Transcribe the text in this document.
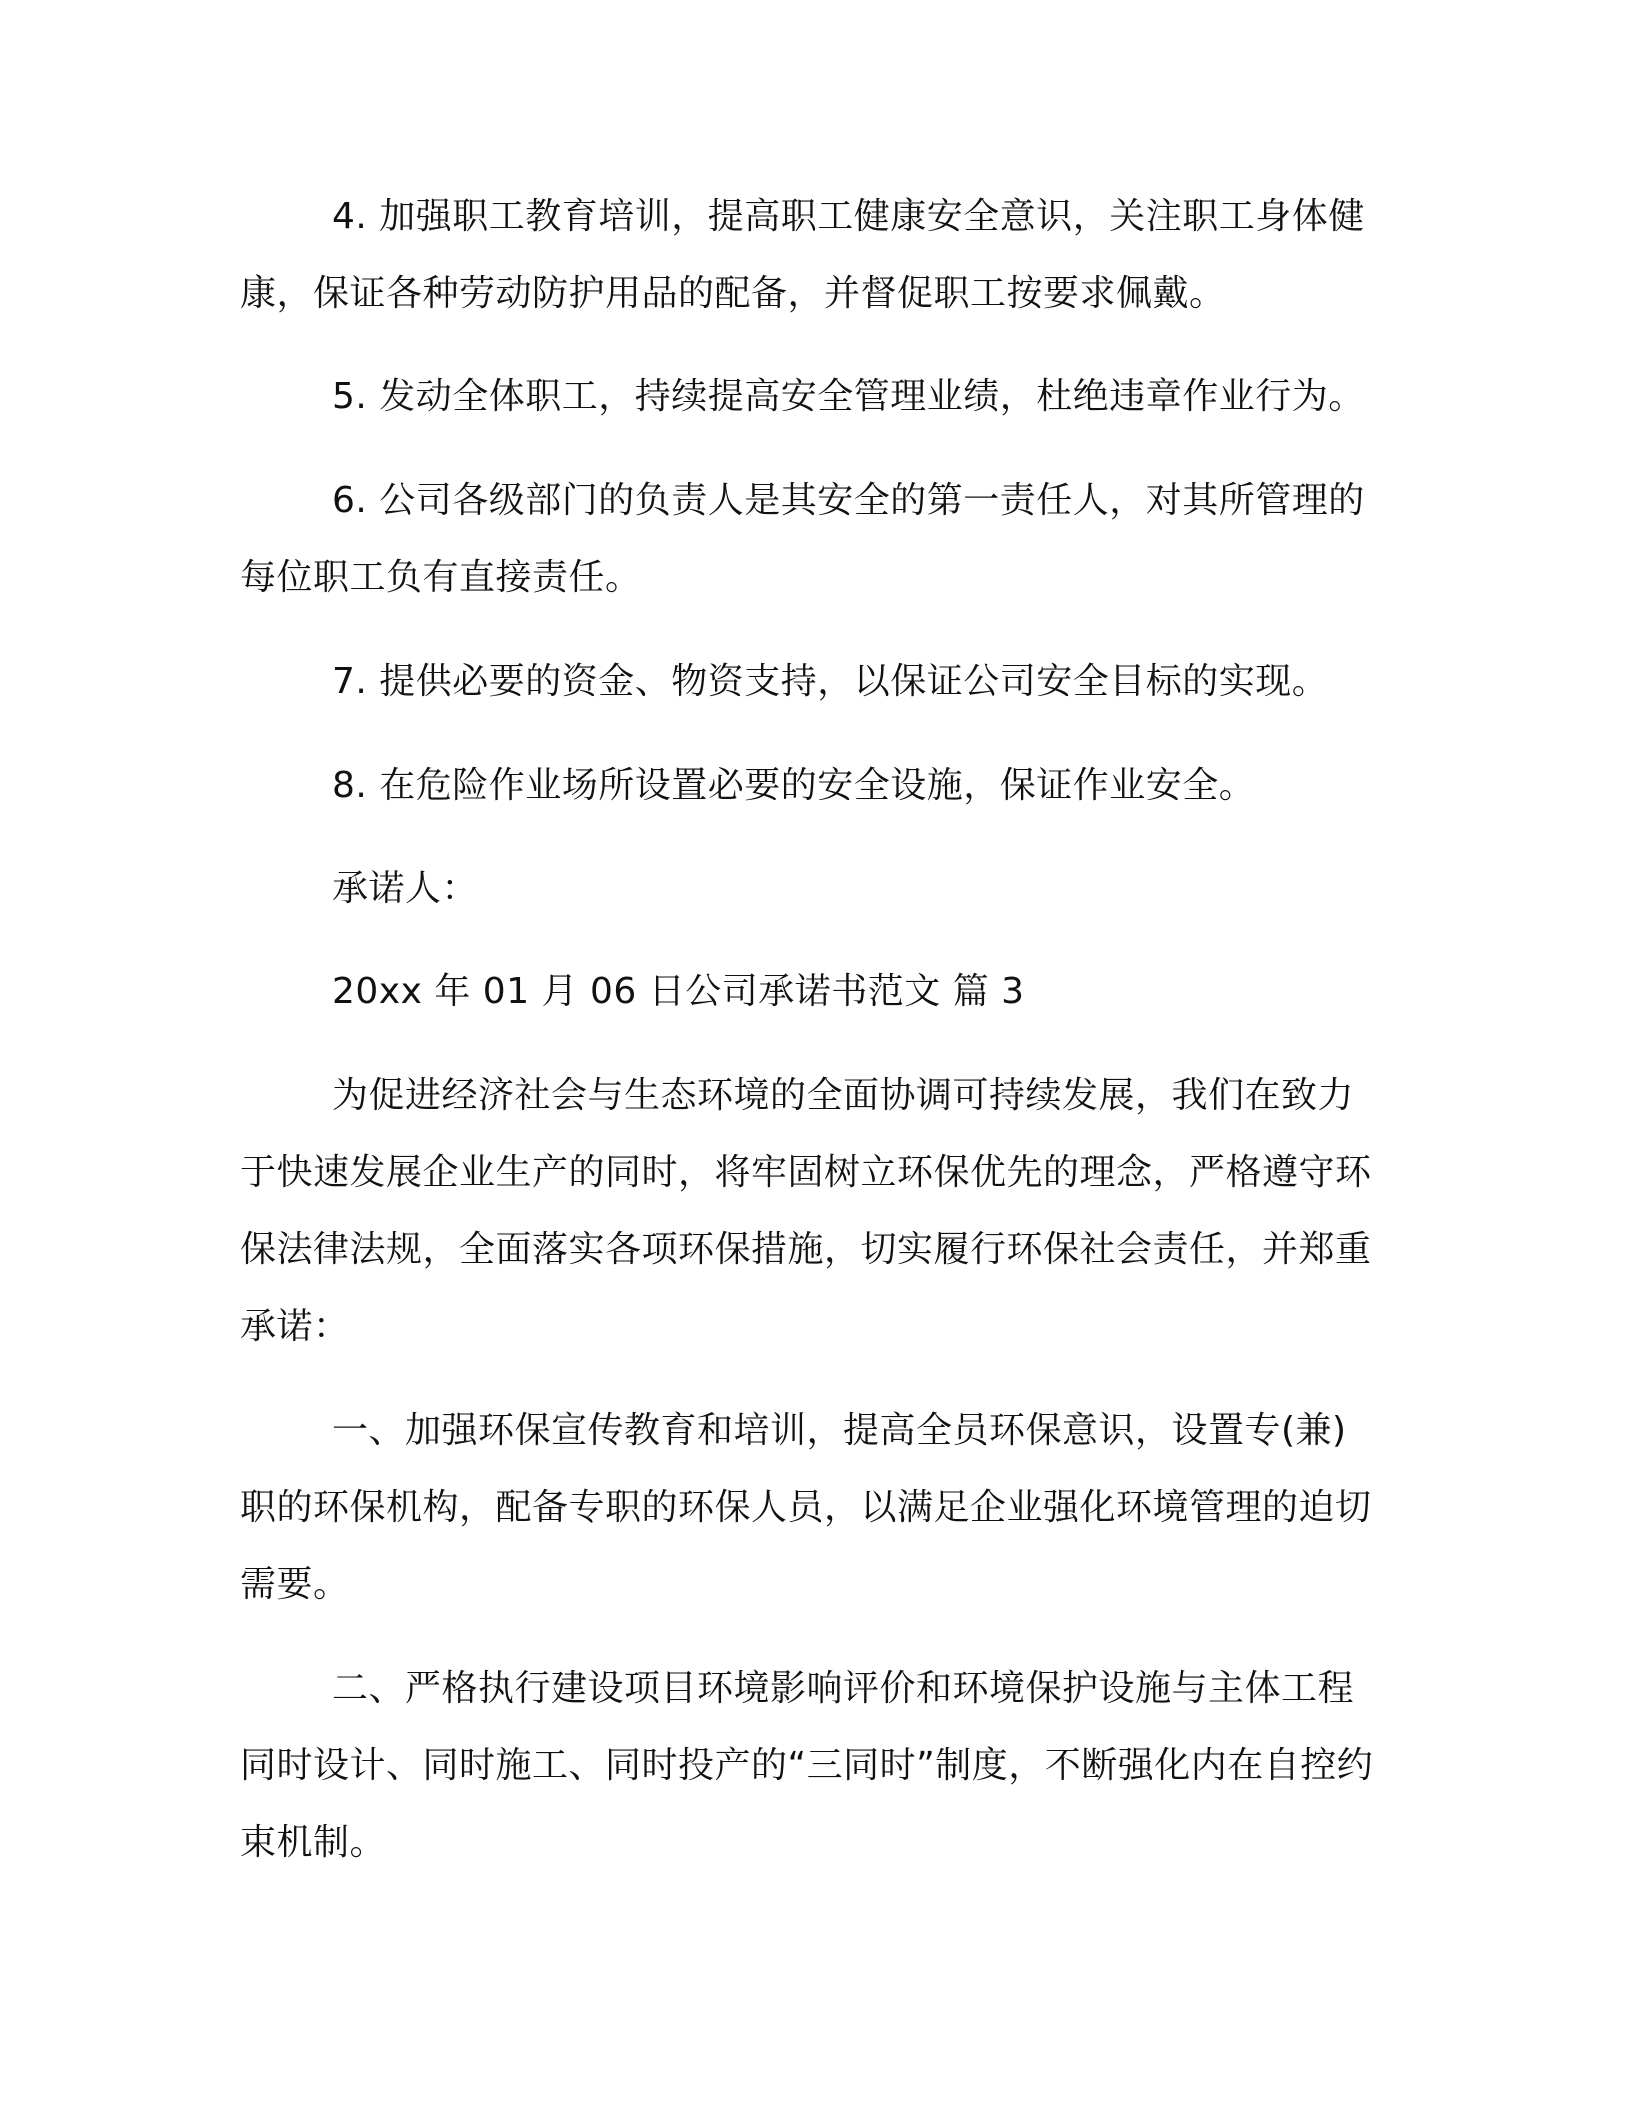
4. 加强职工教育培训，提高职工健康安全意识，关注职工身体健康，保证各种劳动防护用品的配备，并督促职工按要求佩戴。

5. 发动全体职工，持续提高安全管理业绩，杜绝违章作业行为。

6. 公司各级部门的负责人是其安全的第一责任人，对其所管理的每位职工负有直接责任。

7. 提供必要的资金、物资支持，以保证公司安全目标的实现。

8. 在危险作业场所设置必要的安全设施，保证作业安全。

承诺人：

20xx 年 01 月 06 日公司承诺书范文 篇 3

为促进经济社会与生态环境的全面协调可持续发展，我们在致力于快速发展企业生产的同时，将牢固树立环保优先的理念，严格遵守环保法律法规，全面落实各项环保措施，切实履行环保社会责任，并郑重承诺：

一、加强环保宣传教育和培训，提高全员环保意识，设置专(兼)职的环保机构，配备专职的环保人员，以满足企业强化环境管理的迫切需要。

二、严格执行建设项目环境影响评价和环境保护设施与主体工程同时设计、同时施工、同时投产的“三同时”制度，不断强化内在自控约束机制。
